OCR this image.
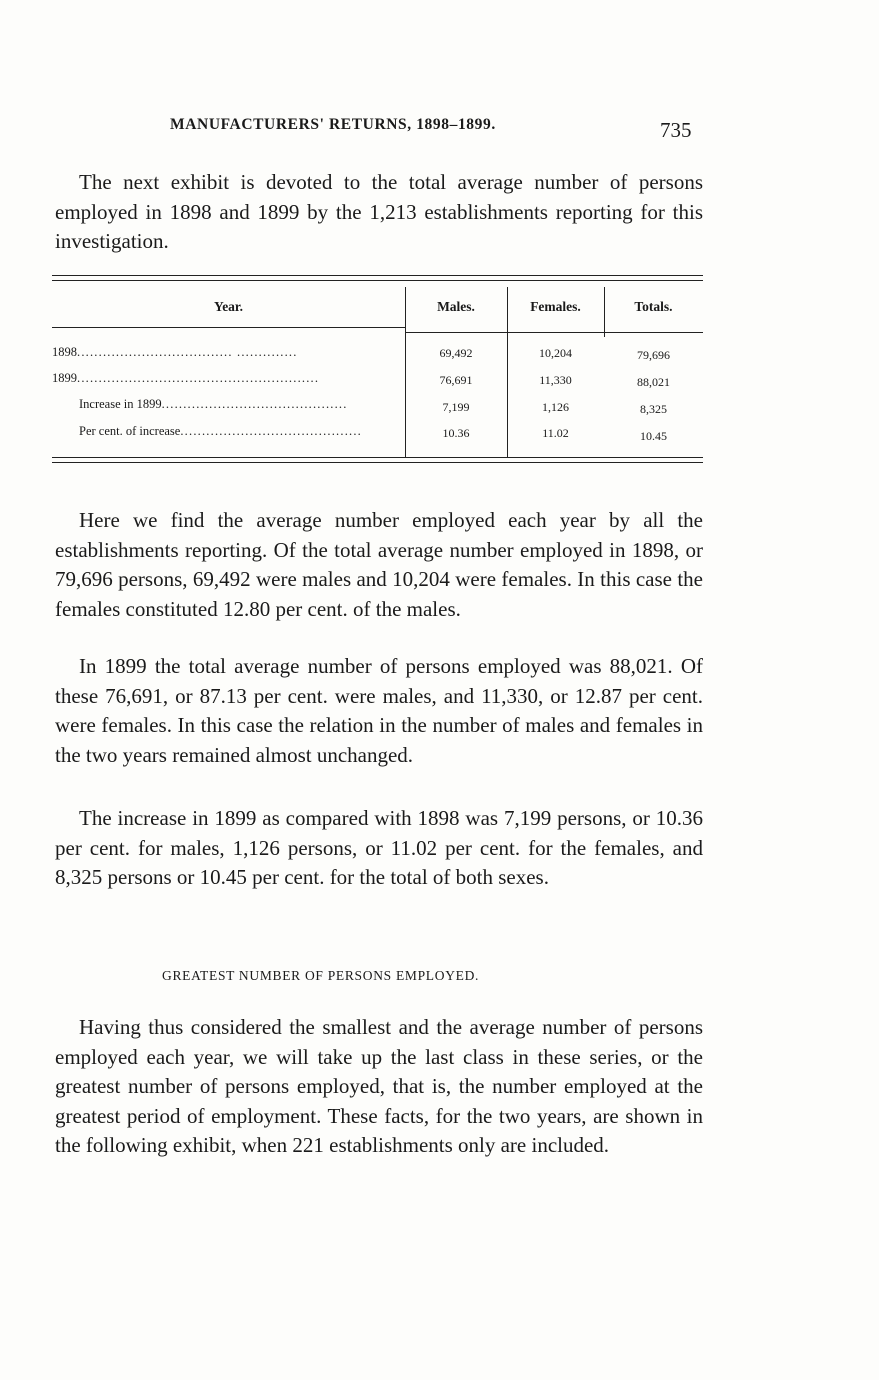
MANUFACTURERS' RETURNS, 1898–1899.	735

The next exhibit is devoted to the total average number of persons employed in 1898 and 1899 by the 1,213 establishments reporting for this investigation.

Year.	Males.	Females.	Totals.
1898.................................... ..............	69,492	10,204	79,696
1899........................................................	76,691	11,330	88,021
Increase in 1899...........................................	7,199	1,126	8,325
Per cent. of increase..........................................	10.36	11.02	10.45

Here we find the average number employed each year by all the establishments reporting. Of the total average number employed in 1898, or 79,696 persons, 69,492 were males and 10,204 were females. In this case the females constituted 12.80 per cent. of the males.

In 1899 the total average number of persons employed was 88,021. Of these 76,691, or 87.13 per cent. were males, and 11,330, or 12.87 per cent. were females. In this case the relation in the number of males and females in the two years remained almost unchanged.

The increase in 1899 as compared with 1898 was 7,199 persons, or 10.36 per cent. for males, 1,126 persons, or 11.02 per cent. for the females, and 8,325 persons or 10.45 per cent. for the total of both sexes.

GREATEST NUMBER OF PERSONS EMPLOYED.

Having thus considered the smallest and the average number of persons employed each year, we will take up the last class in these series, or the greatest number of persons employed, that is, the number employed at the greatest period of employment. These facts, for the two years, are shown in the following exhibit, when 221 establishments only are included.
